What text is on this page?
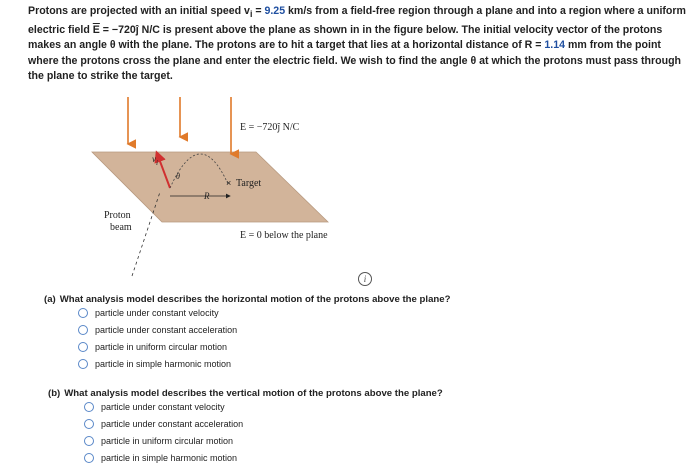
Protons are projected with an initial speed $v_i = 9.25$ km/s from a field-free region through a plane and into a region where a uniform electric field $\overline{E}$ = −720ĵ N/C is present above the plane as shown in in the figure below. The initial velocity vector of the protons makes an angle θ with the plane. The protons are to hit a target that lies at a horizontal distance of R = 1.14 mm from the point where the protons cross the plane and enter the electric field. We wish to find the angle θ at which the protons must pass through the plane to strike the target.
×
E = −720ĵ N/C
Target
R
Proton
beam
E = 0 below the plane
θ
$v_i$
i
(a) What analysis model describes the horizontal motion of the protons above the plane?
particle under constant velocity
particle under constant acceleration
particle in uniform circular motion
particle in simple harmonic motion
(b) What analysis model describes the vertical motion of the protons above the plane?
particle under constant velocity
particle under constant acceleration
particle in uniform circular motion
particle in simple harmonic motion
